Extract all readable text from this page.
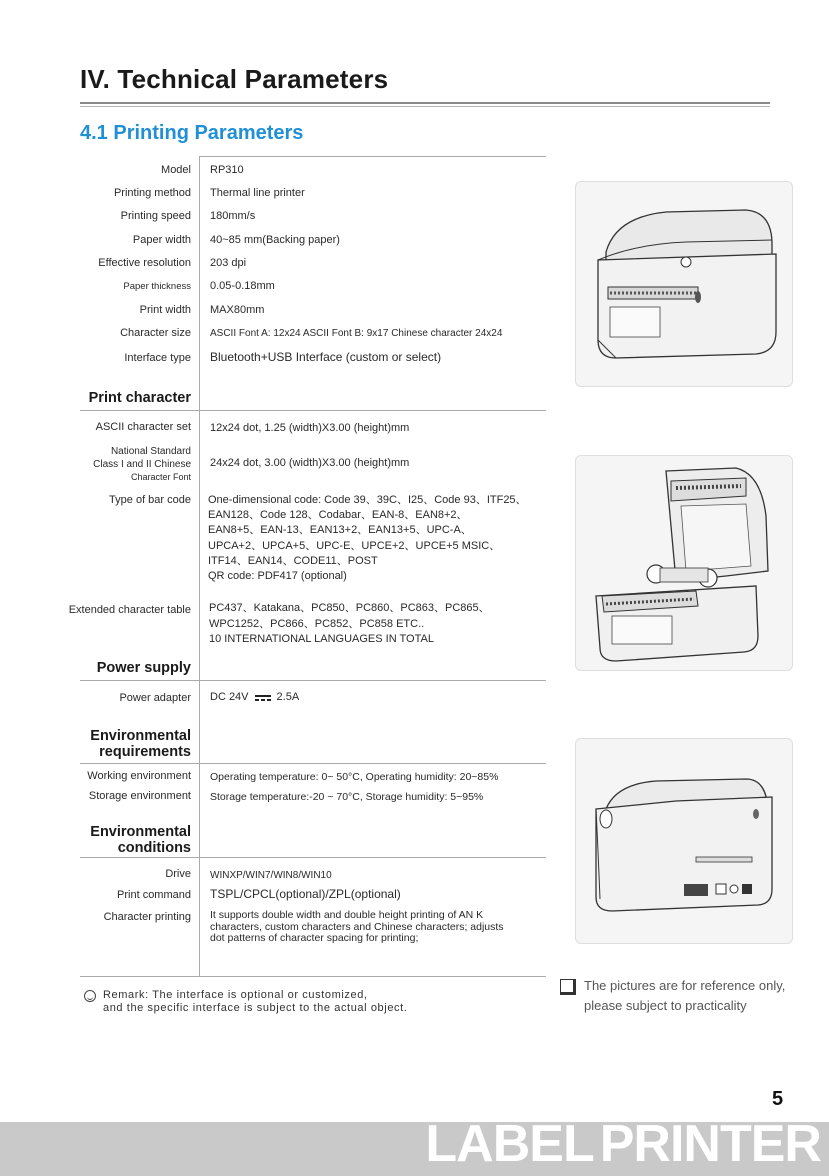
IV. Technical Parameters
4.1 Printing Parameters
Model RP310
Printing method Thermal line printer
Printing speed 180mm/s
Paper width 40~85 mm(Backing paper)
Effective resolution 203 dpi
Paper thickness 0.05-0.18mm
Print width MAX80mm
Character size ASCII Font A: 12x24 ASCII Font B: 9x17 Chinese character 24x24
Interface type Bluetooth+USB Interface (custom or select)
Print character
ASCII character set 12x24 dot, 1.25 (width)X3.00 (height)mm
National Standard
Class I and II Chinese
Character Font
24x24 dot, 3.00 (width)X3.00 (height)mm
Type of bar code One-dimensional code: Code 39、39C、I25、Code 93、ITF25、
EAN128、Code 128、Codabar、EAN-8、EAN8+2、
EAN8+5、EAN-13、EAN13+2、EAN13+5、UPC-A、
UPCA+2、UPCA+5、UPC-E、UPCE+2、UPCE+5 MSIC、
ITF14、EAN14、CODE11、POST
QR code: PDF417 (optional)
Extended character table PC437、Katakana、PC850、PC860、PC863、PC865、
WPC1252、PC866、PC852、PC858 ETC..
10 INTERNATIONAL LANGUAGES IN TOTAL
Power supply
Power adapter DC 24V	2.5A
Environmental
requirements
Working environment Operating temperature: 0~ 50°C, Operating humidity: 20~85%
Storage environment Storage temperature:-20 ~ 70°C, Storage humidity: 5~95%
Environmental
conditions
Drive WINXP/WIN7/WIN8/WIN10
Print command TSPL/CPCL(optional)/ZPL(optional)
Character printing It supports double width and double height printing of AN K
characters, custom characters and Chinese characters; adjusts
dot patterns of character spacing for printing;
Remark: The interface is optional or customized,
and the specific interface is subject to the actual object.
The pictures are for reference only,
please subject to practicality
5
LABEL PRINTER
